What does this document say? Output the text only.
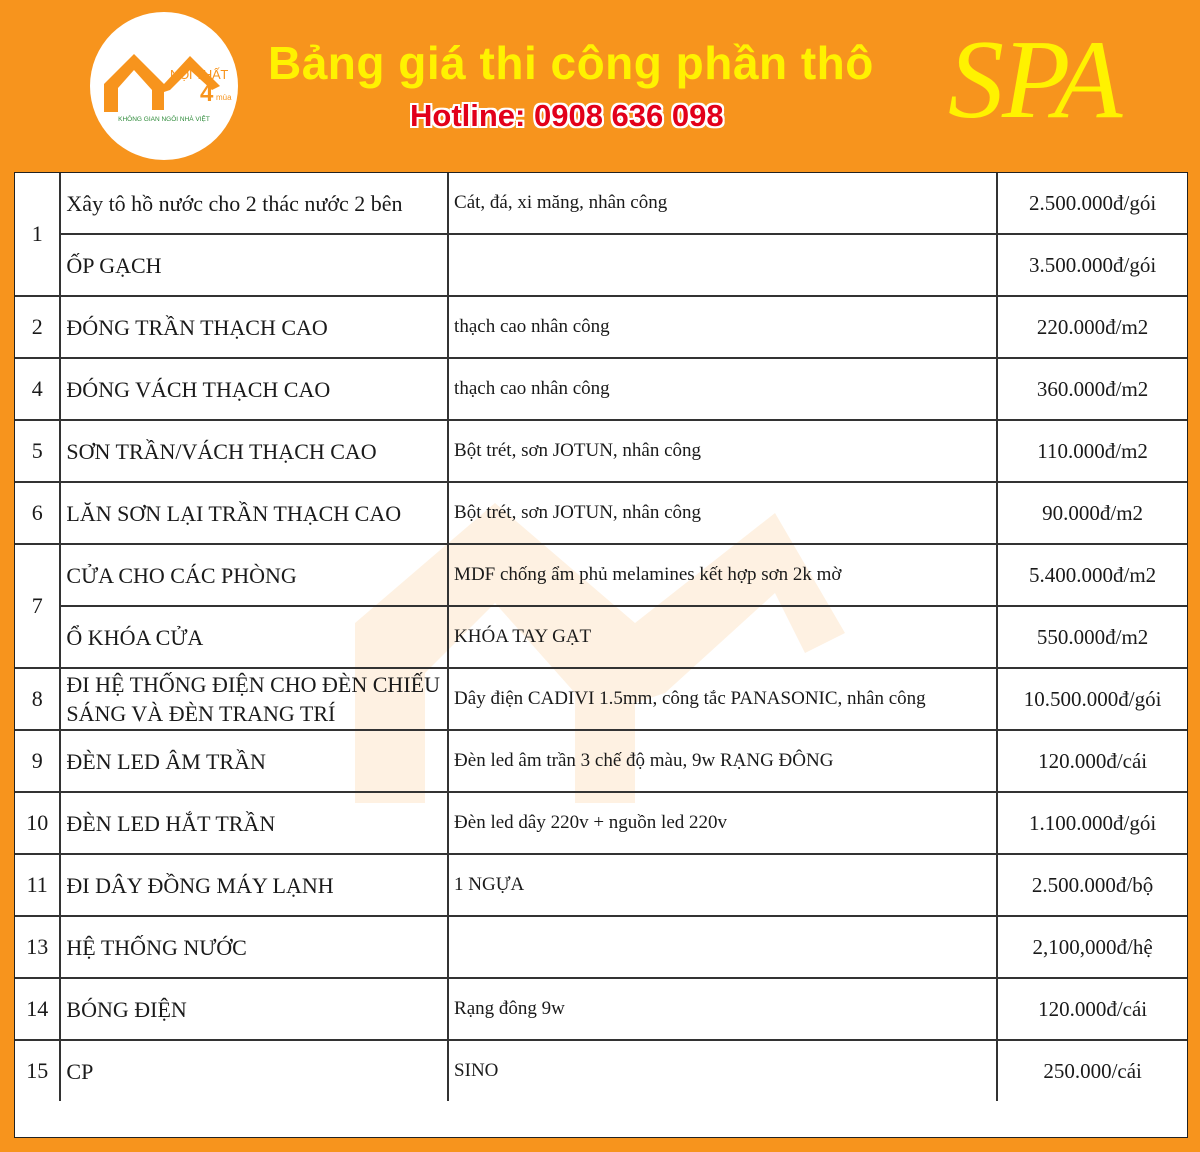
NỘI THẤT
4 mùa
KHÔNG GIAN NGÔI NHÀ VIỆT
Bảng giá thi công phần thô
Hotline: 0908 636 098 SPA
1	Xây tô hồ nước cho 2 thác nước 2 bên	Cát, đá, xi măng, nhân công	2.500.000đ/gói
	ỐP GẠCH		3.500.000đ/gói
2	ĐÓNG TRẦN THẠCH CAO	thạch cao nhân công	220.000đ/m2
4	ĐÓNG VÁCH THẠCH CAO	thạch cao nhân công	360.000đ/m2
5	SƠN TRẦN/VÁCH THẠCH CAO	Bột trét, sơn JOTUN, nhân công	110.000đ/m2
6	LĂN SƠN LẠI TRẦN THẠCH CAO	Bột trét, sơn JOTUN, nhân công	90.000đ/m2
7	CỬA CHO CÁC PHÒNG	MDF chống ẩm phủ melamines kết hợp sơn 2k mờ	5.400.000đ/m2
	Ổ KHÓA CỬA	KHÓA TAY GẠT	550.000đ/m2
8	ĐI HỆ THỐNG ĐIỆN CHO ĐÈN CHIẾU SÁNG VÀ ĐÈN TRANG TRÍ	Dây điện CADIVI 1.5mm, công tắc PANASONIC, nhân công	10.500.000đ/gói
9	ĐÈN LED ÂM TRẦN	Đèn led âm trần 3 chế độ màu, 9w RẠNG ĐÔNG	120.000đ/cái
10	ĐÈN LED HẮT TRẦN	Đèn led dây 220v + nguồn led 220v	1.100.000đ/gói
11	ĐI DÂY ĐỒNG MÁY LẠNH	1 NGỰA	2.500.000đ/bộ
13	HỆ THỐNG NƯỚC		2,100,000đ/hệ
14	BÓNG ĐIỆN	Rạng đông 9w	120.000đ/cái
15	CP	SINO	250.000/cái
